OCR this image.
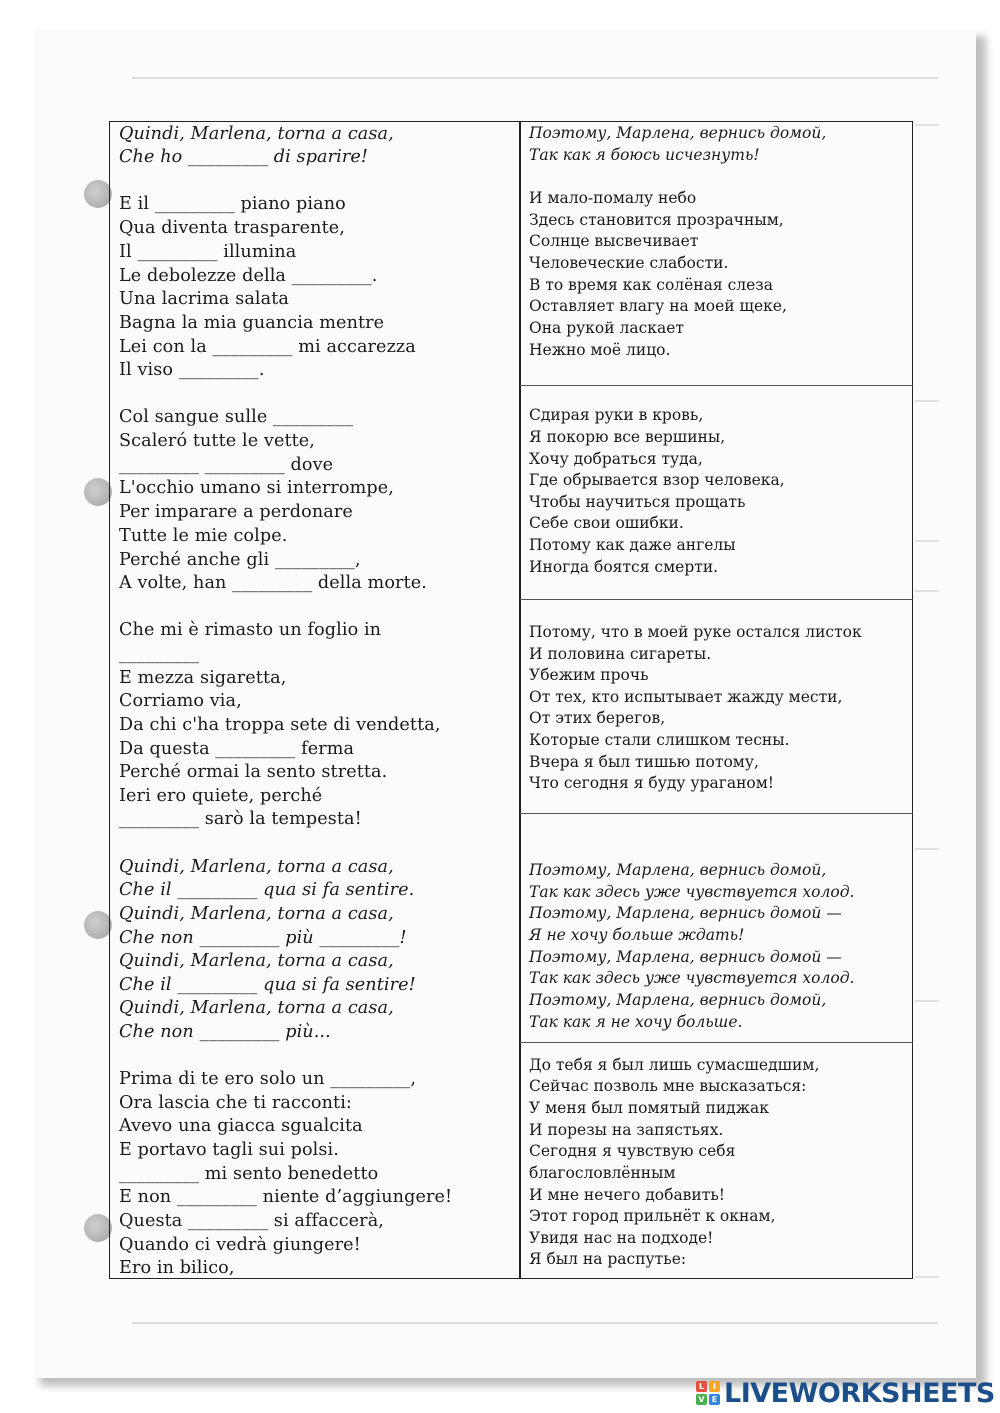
Quindi, Marlena, torna a casa,
Che ho _________ di sparire!
E il _________ piano piano
Qua diventa trasparente,
Il _________ illumina
Le debolezze della _________.
Una lacrima salata
Bagna la mia guancia mentre
Lei con la _________ mi accarezza
Il viso _________.
Col sangue sulle _________
Scaleró tutte le vette,
_________ _________ dove
L'occhio umano si interrompe,
Per imparare a perdonare
Tutte le mie colpe.
Perché anche gli _________,
A volte, han _________ della morte.
Che mi è rimasto un foglio in
_________
E mezza sigaretta,
Corriamo via,
Da chi c'ha troppa sete di vendetta,
Da questa _________ ferma
Perché ormai la sento stretta.
Ieri ero quiete, perché
_________ sarò la tempesta!
Quindi, Marlena, torna a casa,
Che il _________ qua si fa sentire.
Quindi, Marlena, torna a casa,
Che non _________ più _________!
Quindi, Marlena, torna a casa,
Che il _________ qua si fa sentire!
Quindi, Marlena, torna a casa,
Che non _________ più...
Prima di te ero solo un _________,
Ora lascia che ti racconti:
Avevo una giacca sgualcita
E portavo tagli sui polsi.
_________ mi sento benedetto
E non _________ niente d’aggiungere!
Questa _________ si affaccerà,
Quando ci vedrà giungere!
Ero in bilico,
Поэтому, Марлена, вернись домой,
Так как я боюсь исчезнуть!
И мало-помалу небо
Здесь становится прозрачным,
Солнце высвечивает
Человеческие слабости.
В то время как солёная слеза
Оставляет влагу на моей щеке,
Она рукой ласкает
Нежно моё лицо.
Сдирая руки в кровь,
Я покорю все вершины,
Хочу добраться туда,
Где обрывается взор человека,
Чтобы научиться прощать
Себе свои ошибки.
Потому как даже ангелы
Иногда боятся смерти.
Потому, что в моей руке остался листок
И половина сигареты.
Убежим прочь
От тех, кто испытывает жажду мести,
От этих берегов,
Которые стали слишком тесны.
Вчера я был тишью потому,
Что сегодня я буду ураганом!
Поэтому, Марлена, вернись домой,
Так как здесь уже чувствуется холод.
Поэтому, Марлена, вернись домой —
Я не хочу больше ждать!
Поэтому, Марлена, вернись домой —
Так как здесь уже чувствуется холод.
Поэтому, Марлена, вернись домой,
Так как я не хочу больше.
До тебя я был лишь сумасшедшим,
Сейчас позволь мне высказаться:
У меня был помятый пиджак
И порезы на запястьях.
Сегодня я чувствую себя
благословлённым
И мне нечего добавить!
Этот город прильнёт к окнам,
Увидя нас на подходе!
Я был на распутье:
L	I
V E LIVEWORKSHEETS
